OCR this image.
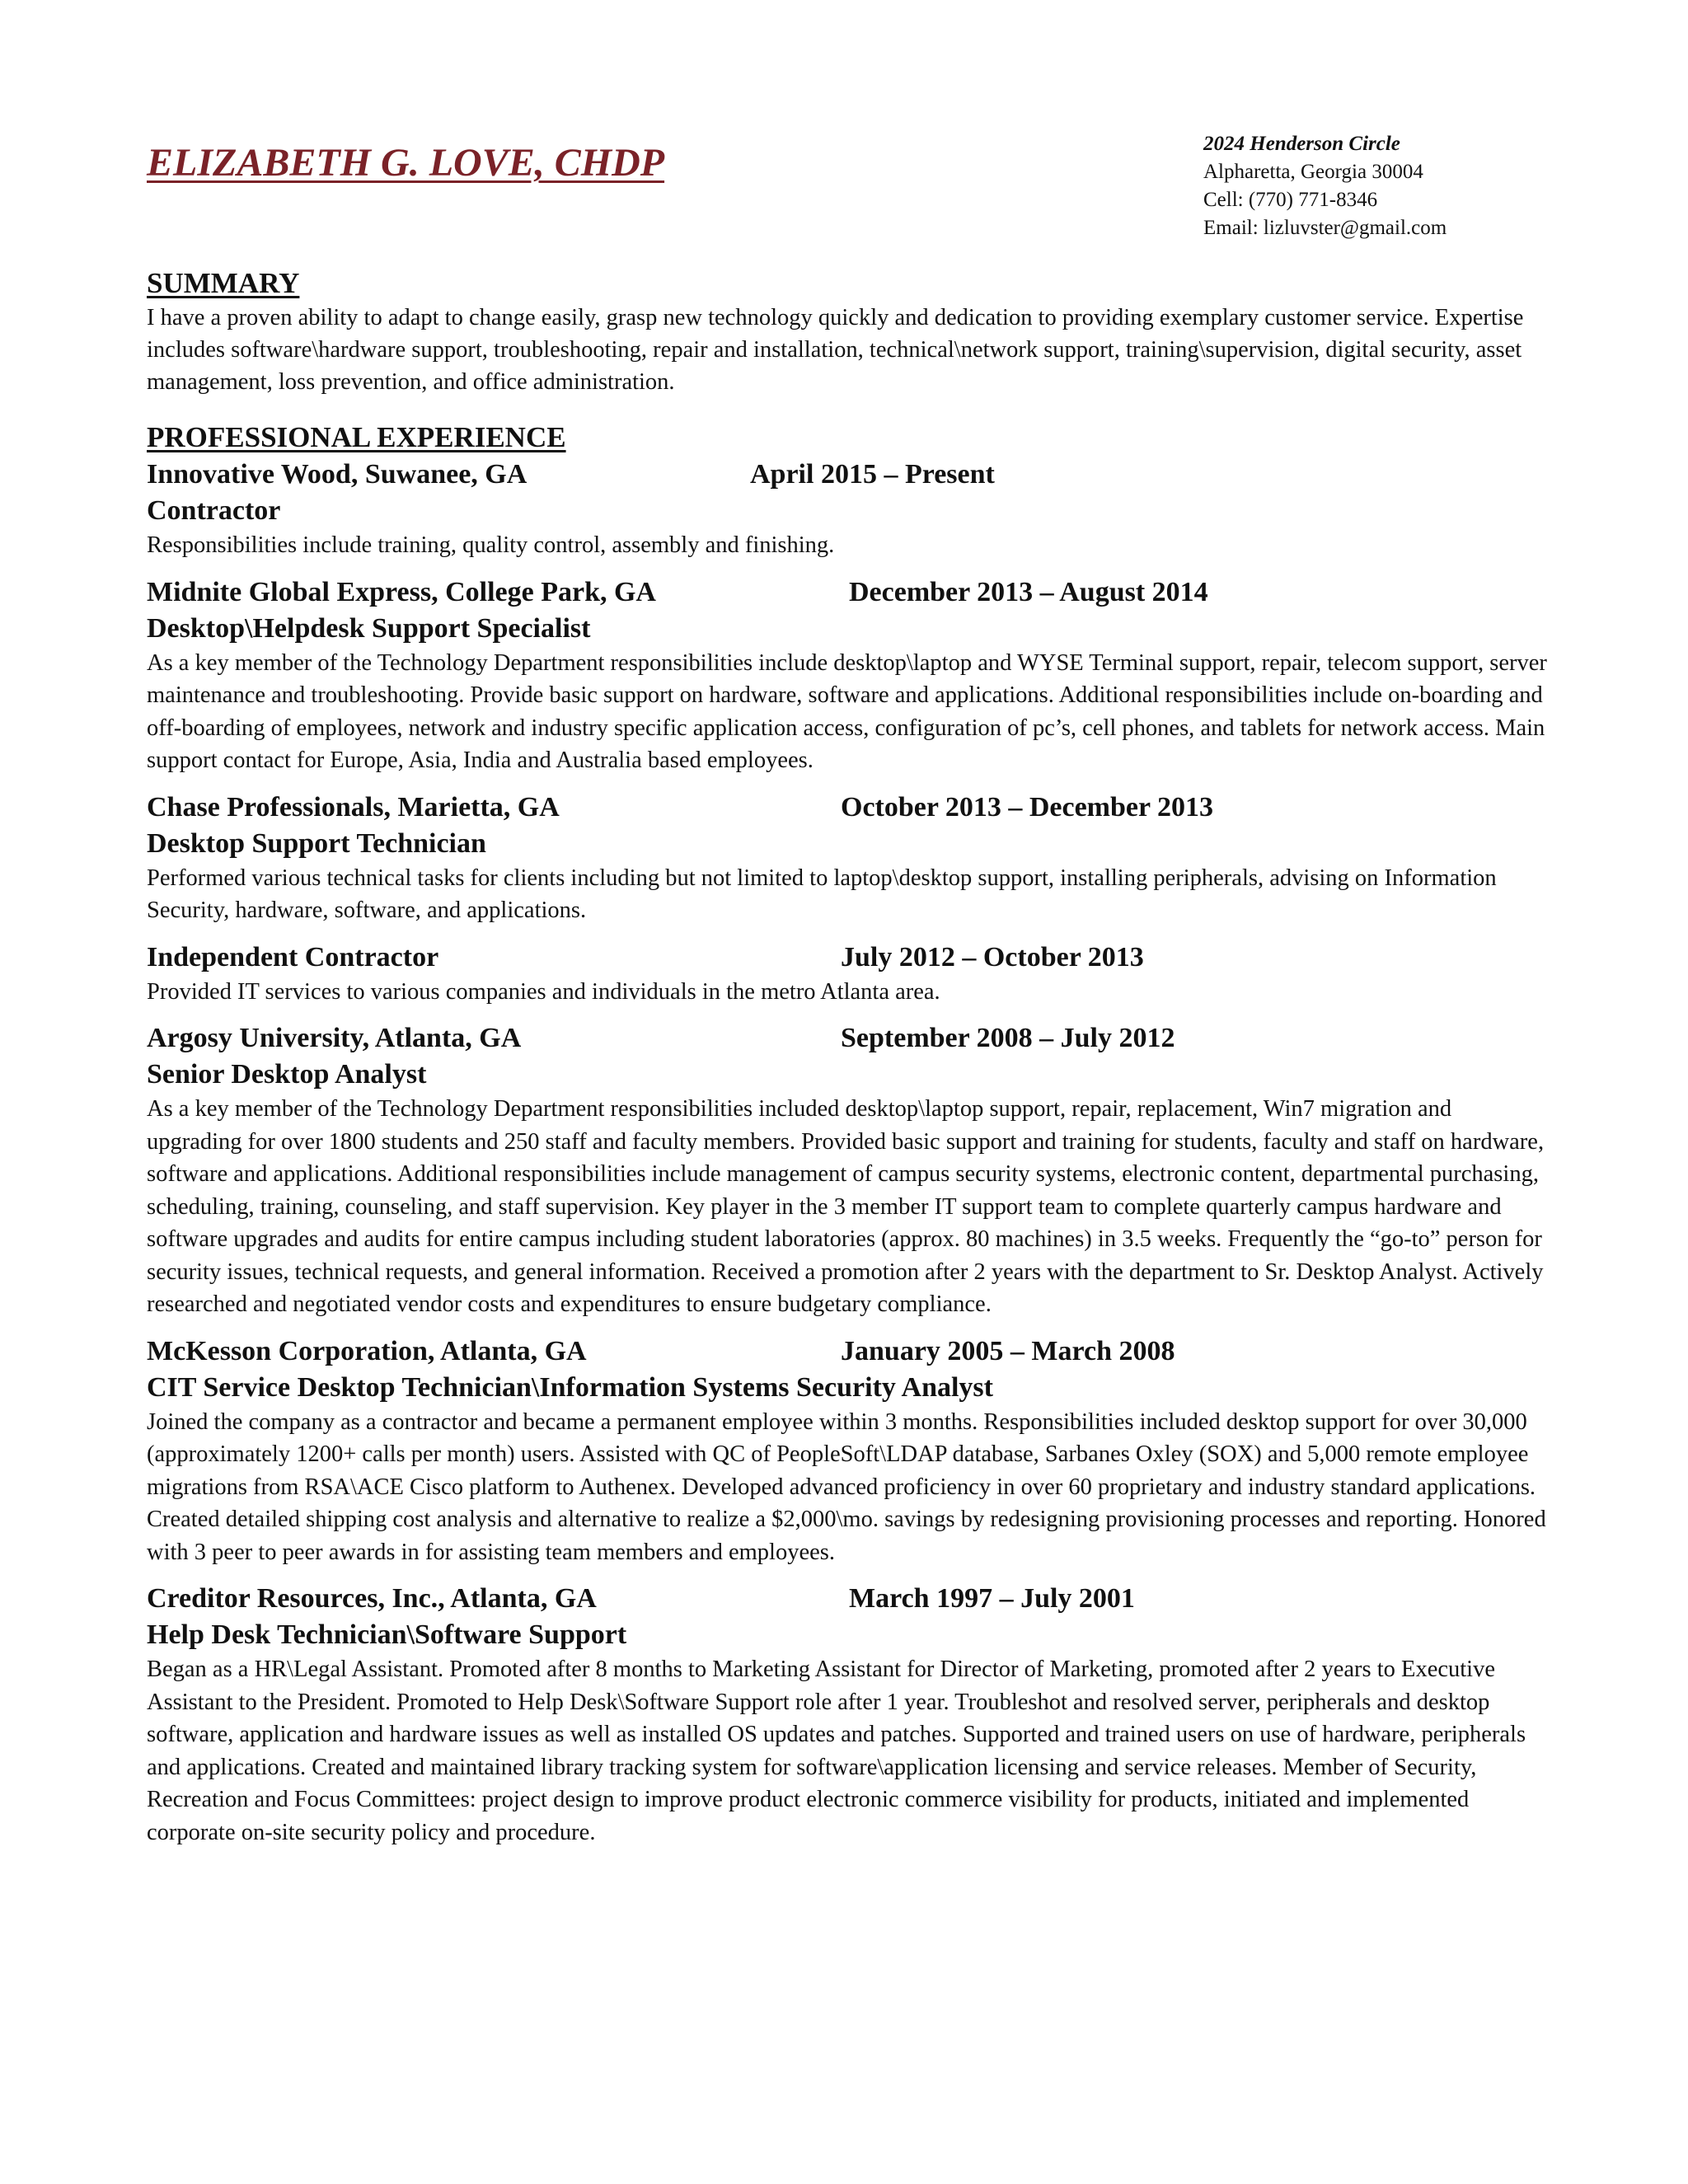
ELIZABETH G. LOVE, CHDP	2024 Henderson Circle
Alpharetta, Georgia 30004
Cell: (770) 771-8346
Email: lizluvster@gmail.com
SUMMARY

I have a proven ability to adapt to change easily, grasp new technology quickly and dedication to providing exemplary customer service. Expertise includes software\hardware support, troubleshooting, repair and installation, technical\network support, training\supervision, digital security, asset management, loss prevention, and office administration.

PROFESSIONAL EXPERIENCE
Innovative Wood, Suwanee, GA	April 2015 – Present
Contractor

Responsibilities include training, quality control, assembly and finishing.

Midnite Global Express, College Park, GA	December 2013 – August 2014
Desktop\Helpdesk Support Specialist

As a key member of the Technology Department responsibilities include desktop\laptop and WYSE Terminal support, repair, telecom support, server maintenance and troubleshooting. Provide basic support on hardware, software and applications. Additional responsibilities include on-boarding and off-boarding of employees, network and industry specific application access, configuration of pc’s, cell phones, and tablets for network access. Main support contact for Europe, Asia, India and Australia based employees.

Chase Professionals, Marietta, GA	October 2013 – December 2013
Desktop Support Technician

Performed various technical tasks for clients including but not limited to laptop\desktop support, installing peripherals, advising on Information Security, hardware, software, and applications.

Independent Contractor	July 2012 – October 2013

Provided IT services to various companies and individuals in the metro Atlanta area.

Argosy University, Atlanta, GA	September 2008 – July 2012
Senior Desktop Analyst

As a key member of the Technology Department responsibilities included desktop\laptop support, repair, replacement, Win7 migration and upgrading for over 1800 students and 250 staff and faculty members. Provided basic support and training for students, faculty and staff on hardware, software and applications. Additional responsibilities include management of campus security systems, electronic content, departmental purchasing, scheduling, training, counseling, and staff supervision. Key player in the 3 member IT support team to complete quarterly campus hardware and software upgrades and audits for entire campus including student laboratories (approx. 80 machines) in 3.5 weeks. Frequently the “go-to” person for security issues, technical requests, and general information. Received a promotion after 2 years with the department to Sr. Desktop Analyst. Actively researched and negotiated vendor costs and expenditures to ensure budgetary compliance.

McKesson Corporation, Atlanta, GA	January 2005 – March 2008
CIT Service Desktop Technician\Information Systems Security Analyst

Joined the company as a contractor and became a permanent employee within 3 months. Responsibilities included desktop support for over 30,000 (approximately 1200+ calls per month) users. Assisted with QC of PeopleSoft\LDAP database, Sarbanes Oxley (SOX) and 5,000 remote employee migrations from RSA\ACE Cisco platform to Authenex. Developed advanced proficiency in over 60 proprietary and industry standard applications. Created detailed shipping cost analysis and alternative to realize a $2,000\mo. savings by redesigning provisioning processes and reporting. Honored with 3 peer to peer awards in for assisting team members and employees.

Creditor Resources, Inc., Atlanta, GA	March 1997 – July 2001
Help Desk Technician\Software Support

Began as a HR\Legal Assistant. Promoted after 8 months to Marketing Assistant for Director of Marketing, promoted after 2 years to Executive Assistant to the President. Promoted to Help Desk\Software Support role after 1 year. Troubleshot and resolved server, peripherals and desktop software, application and hardware issues as well as installed OS updates and patches. Supported and trained users on use of hardware, peripherals and applications. Created and maintained library tracking system for software\application licensing and service releases. Member of Security, Recreation and Focus Committees: project design to improve product electronic commerce visibility for products, initiated and implemented corporate on-site security policy and procedure.
